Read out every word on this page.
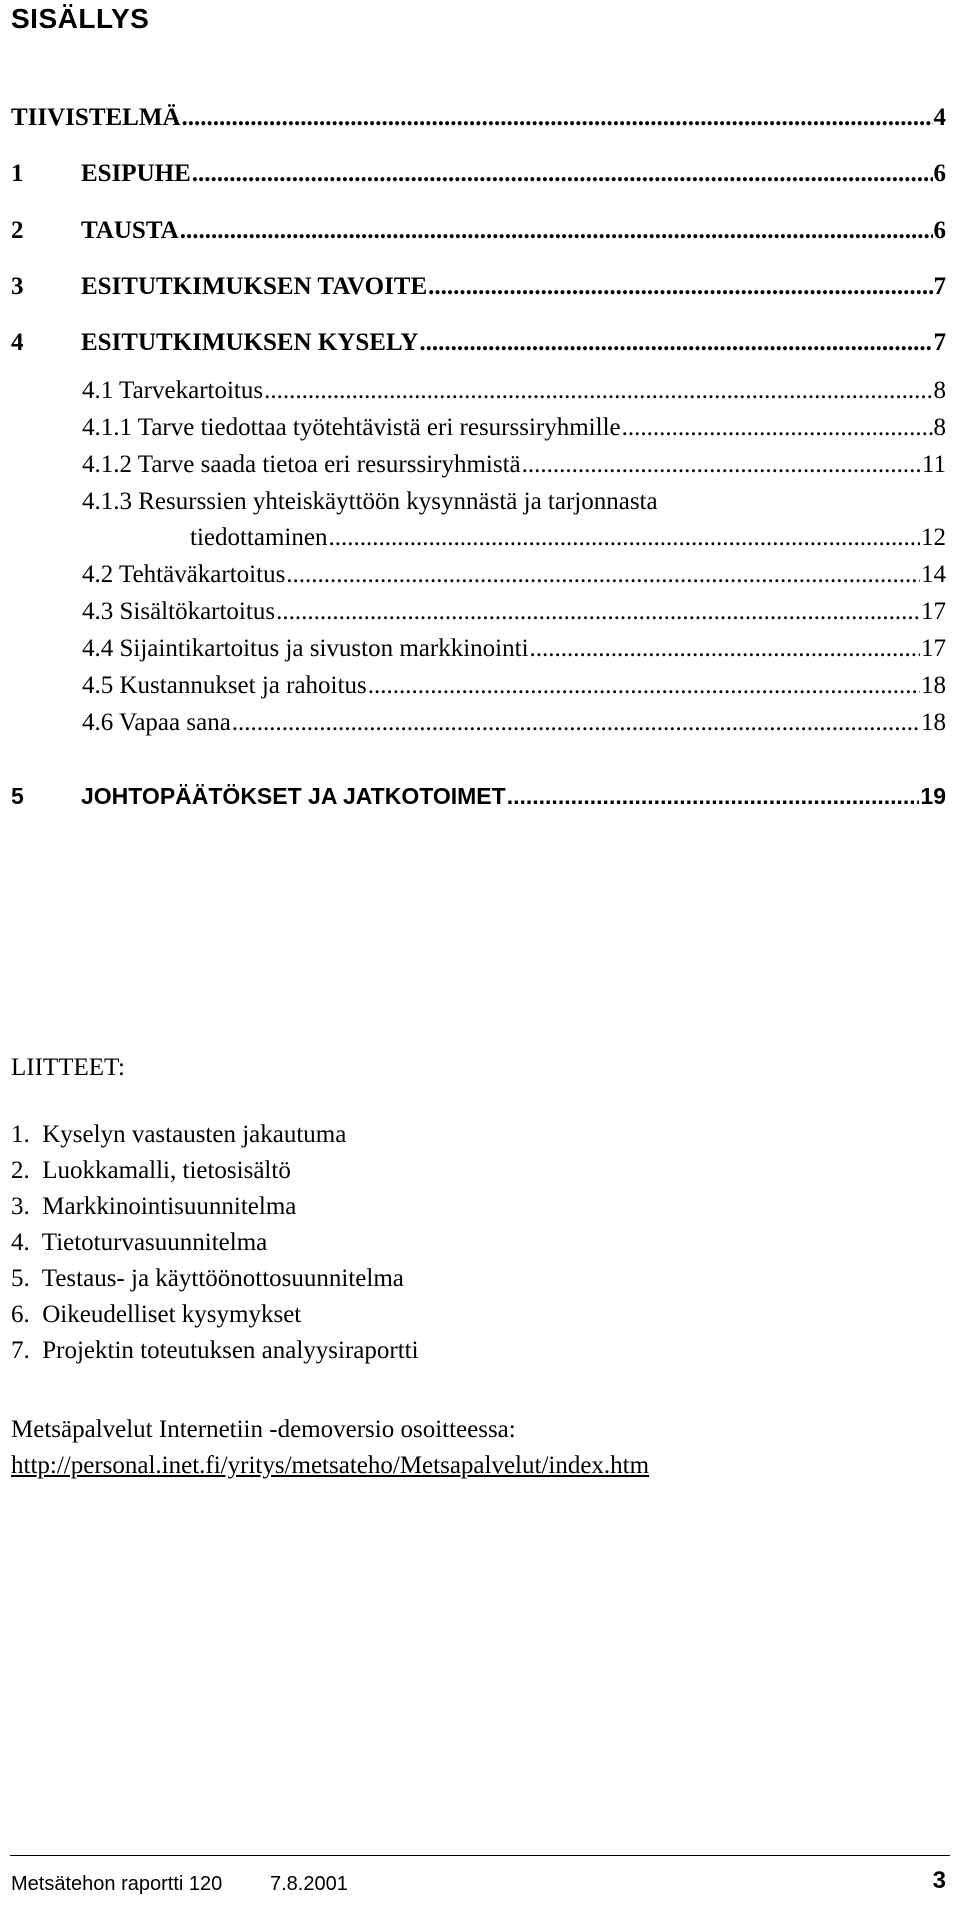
SISÄLLYS
TIIVISTELMÄ .....	4
1	ESIPUHE .....	6
2	TAUSTA .....	6
3	ESITUTKIMUKSEN TAVOITE .....	7
4	ESITUTKIMUKSEN KYSELY .....	7
4.1 Tarvekartoitus .....	8
4.1.1 Tarve tiedottaa työtehtävistä eri resurssiryhmille .....	8
4.1.2 Tarve saada tietoa eri resurssiryhmistä .....	11
4.1.3 Resurssien yhteiskäyttöön kysynnästä ja tarjonnasta
tiedottaminen .....	12
4.2 Tehtäväkartoitus .....	14
4.3 Sisältökartoitus .....	17
4.4 Sijaintikartoitus ja sivuston markkinointi .....	17
4.5 Kustannukset ja rahoitus .....	18
4.6 Vapaa sana .....	18
5	JOHTOPÄÄTÖKSET JA JATKOTOIMET .....	19
LIITTEET:
1.  Kyselyn vastausten jakautuma
2.  Luokkamalli, tietosisältö
3.  Markkinointisuunnitelma
4.  Tietoturvasuunnitelma
5.  Testaus- ja käyttöönottosuunnitelma
6.  Oikeudelliset kysymykset
7.  Projektin toteutuksen analyysiraportti
Metsäpalvelut Internetiin -demoversio osoitteessa:
http://personal.inet.fi/yritys/metsateho/Metsapalvelut/index.htm
Metsätehon raportti 120 7.8.2001	3
